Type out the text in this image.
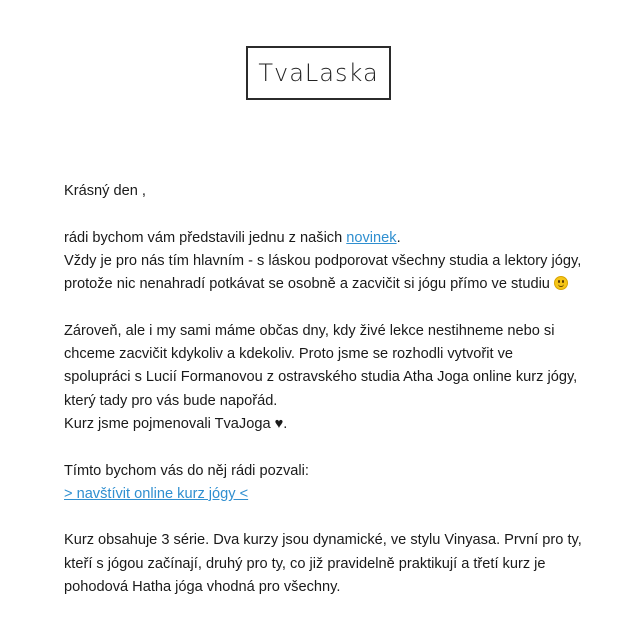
TvaLaska

Krásný den ,

rádi bychom vám představili jednu z našich novinek.
Vždy je pro nás tím hlavním - s láskou podporovat všechny studia a lektory jógy,
protože nic nenahradí potkávat se osobně a zacvičit si jógu přímo ve studiu

Zároveň, ale i my sami máme občas dny, kdy živé lekce nestihneme nebo si
chceme zacvičit kdykoliv a kdekoliv. Proto jsme se rozhodli vytvořit ve
spolupráci s Lucií Formanovou z ostravského studia Atha Joga online kurz jógy,
který tady pro vás bude napořád.
Kurz jsme pojmenovali TvaJoga ♥.

Tímto bychom vás do něj rádi pozvali:
> navštívit online kurz jógy <

Kurz obsahuje 3 série. Dva kurzy jsou dynamické, ve stylu Vinyasa. První pro ty,
kteří s jógou začínají, druhý pro ty, co již pravidelně praktikují a třetí kurz je
pohodová Hatha jóga vhodná pro všechny.
